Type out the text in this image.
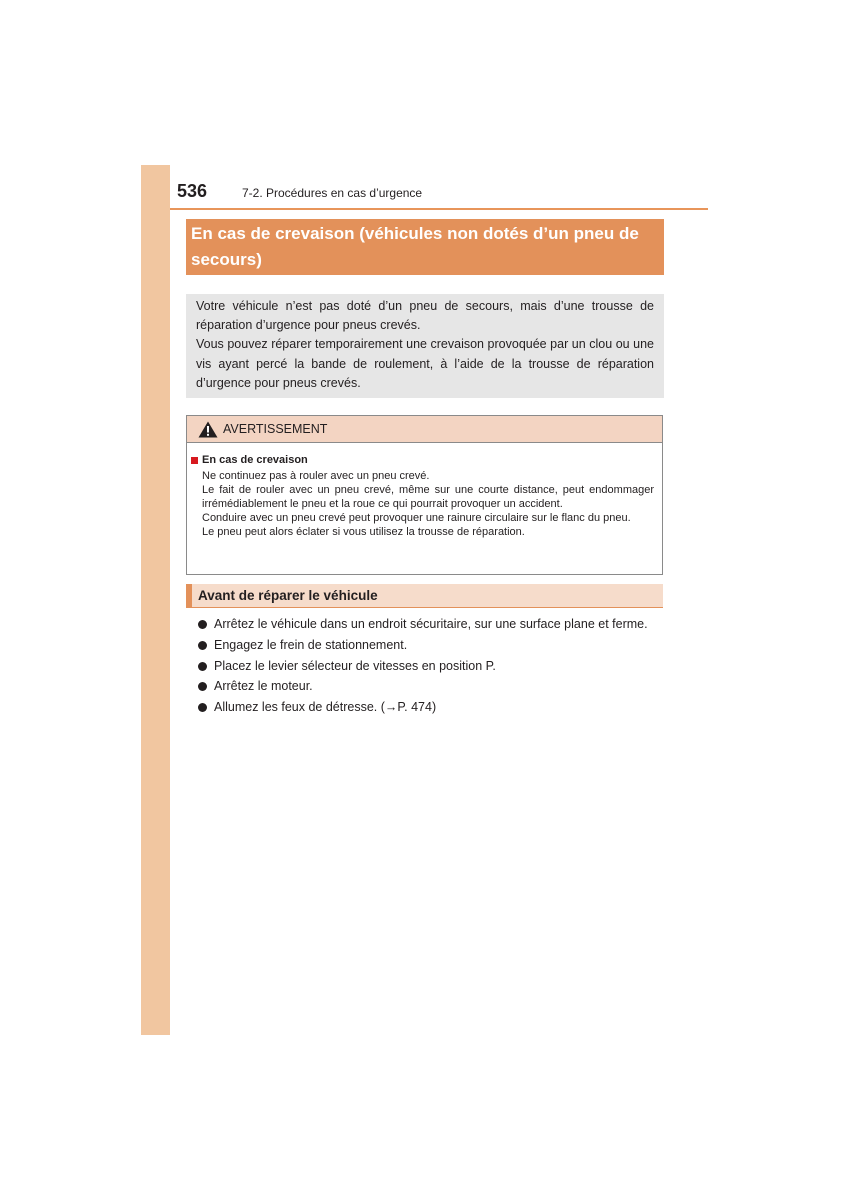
536	7-2. Procédures en cas d’urgence
En cas de crevaison (véhicules non dotés d’un pneu de secours)

Votre véhicule n’est pas doté d’un pneu de secours, mais d’une trousse de réparation d’urgence pour pneus crevés.

Vous pouvez réparer temporairement une crevaison provoquée par un clou ou une vis ayant percé la bande de roulement, à l’aide de la trousse de réparation d’urgence pour pneus crevés.

AVERTISSEMENT
En cas de crevaison

Ne continuez pas à rouler avec un pneu crevé.

Le fait de rouler avec un pneu crevé, même sur une courte distance, peut endommager irrémédiablement le pneu et la roue ce qui pourrait provoquer un accident.

Conduire avec un pneu crevé peut provoquer une rainure circulaire sur le flanc du pneu.

Le pneu peut alors éclater si vous utilisez la trousse de réparation.

Avant de réparer le véhicule
Arrêtez le véhicule dans un endroit sécuritaire, sur une surface plane et ferme.
Engagez le frein de stationnement.
Placez le levier sélecteur de vitesses en position P.
Arrêtez le moteur.
Allumez les feux de détresse. (→P. 474)
